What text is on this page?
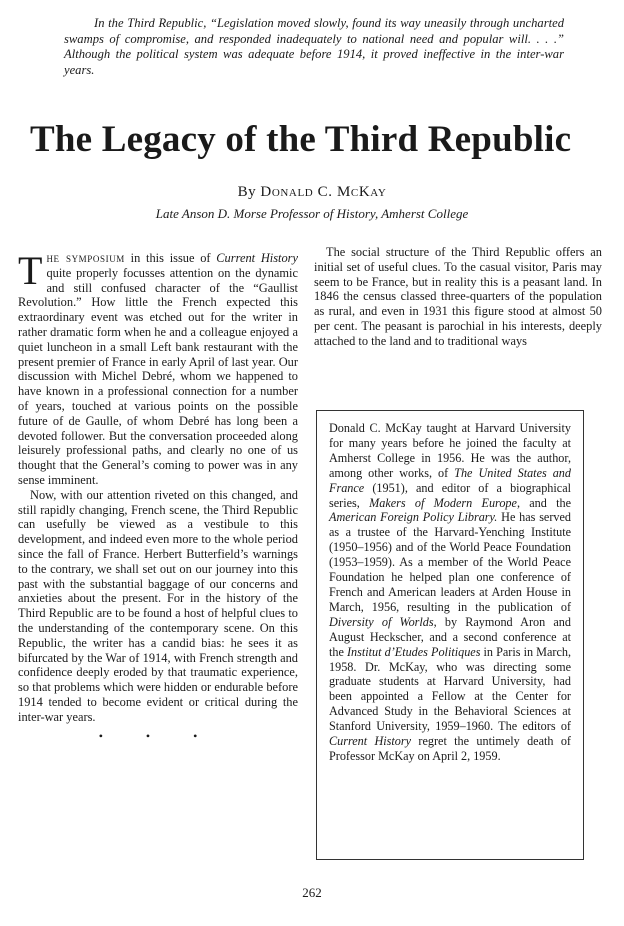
In the Third Republic, “Legislation moved slowly, found its way uneasily through uncharted swamps of compromise, and responded inadequately to national need and popular will. . . .” Although the political system was adequate before 1914, it proved ineffective in the inter-war years.
The Legacy of the Third Republic
By Donald C. McKay
Late Anson D. Morse Professor of History, Amherst College

The symposium in this issue of Current History quite properly focusses attention on the dynamic and still confused character of the “Gaullist Revolution.” How little the French expected this extraordinary event was etched out for the writer in rather dramatic form when he and a colleague enjoyed a quiet luncheon in a small Left bank restaurant with the present premier of France in early April of last year. Our discussion with Michel Debré, whom we happened to have known in a professional connection for a number of years, touched at various points on the possible future of de Gaulle, of whom Debré has long been a devoted follower. But the conversation proceeded along leisurely professional paths, and clearly no one of us thought that the General’s coming to power was in any sense imminent.

Now, with our attention riveted on this changed, and still rapidly changing, French scene, the Third Republic can usefully be viewed as a vestibule to this development, and indeed even more to the whole period since the fall of France. Herbert Butterfield’s warnings to the contrary, we shall set out on our journey into this past with the substantial baggage of our concerns and anxieties about the present. For in the history of the Third Republic are to be found a host of helpful clues to the understanding of the contemporary scene. On this Republic, the writer has a candid bias: he sees it as bifurcated by the War of 1914, with French strength and confidence deeply eroded by that traumatic experience, so that problems which were hidden or endurable before 1914 tended to become evident or critical during the inter-war years.

• • •

The social structure of the Third Republic offers an initial set of useful clues. To the casual visitor, Paris may seem to be France, but in reality this is a peasant land. In 1846 the census classed three-quarters of the population as rural, and even in 1931 this figure stood at almost 50 per cent. The peasant is parochial in his interests, deeply attached to the land and to traditional ways

Donald C. McKay taught at Harvard University for many years before he joined the faculty at Amherst College in 1956. He was the author, among other works, of The United States and France (1951), and editor of a biographical series, Makers of Modern Europe, and the American Foreign Policy Library. He has served as a trustee of the Harvard-Yenching Institute (1950–1956) and of the World Peace Foundation (1953–1959). As a member of the World Peace Foundation he helped plan one conference of French and American leaders at Arden House in March, 1956, resulting in the publication of Diversity of Worlds, by Raymond Aron and August Heckscher, and a second conference at the Institut d’Etudes Politiques in Paris in March, 1958. Dr. McKay, who was directing some graduate students at Harvard University, had been appointed a Fellow at the Center for Advanced Study in the Behavioral Sciences at Stanford University, 1959–1960. The editors of Current History regret the untimely death of Professor McKay on April 2, 1959.

262
